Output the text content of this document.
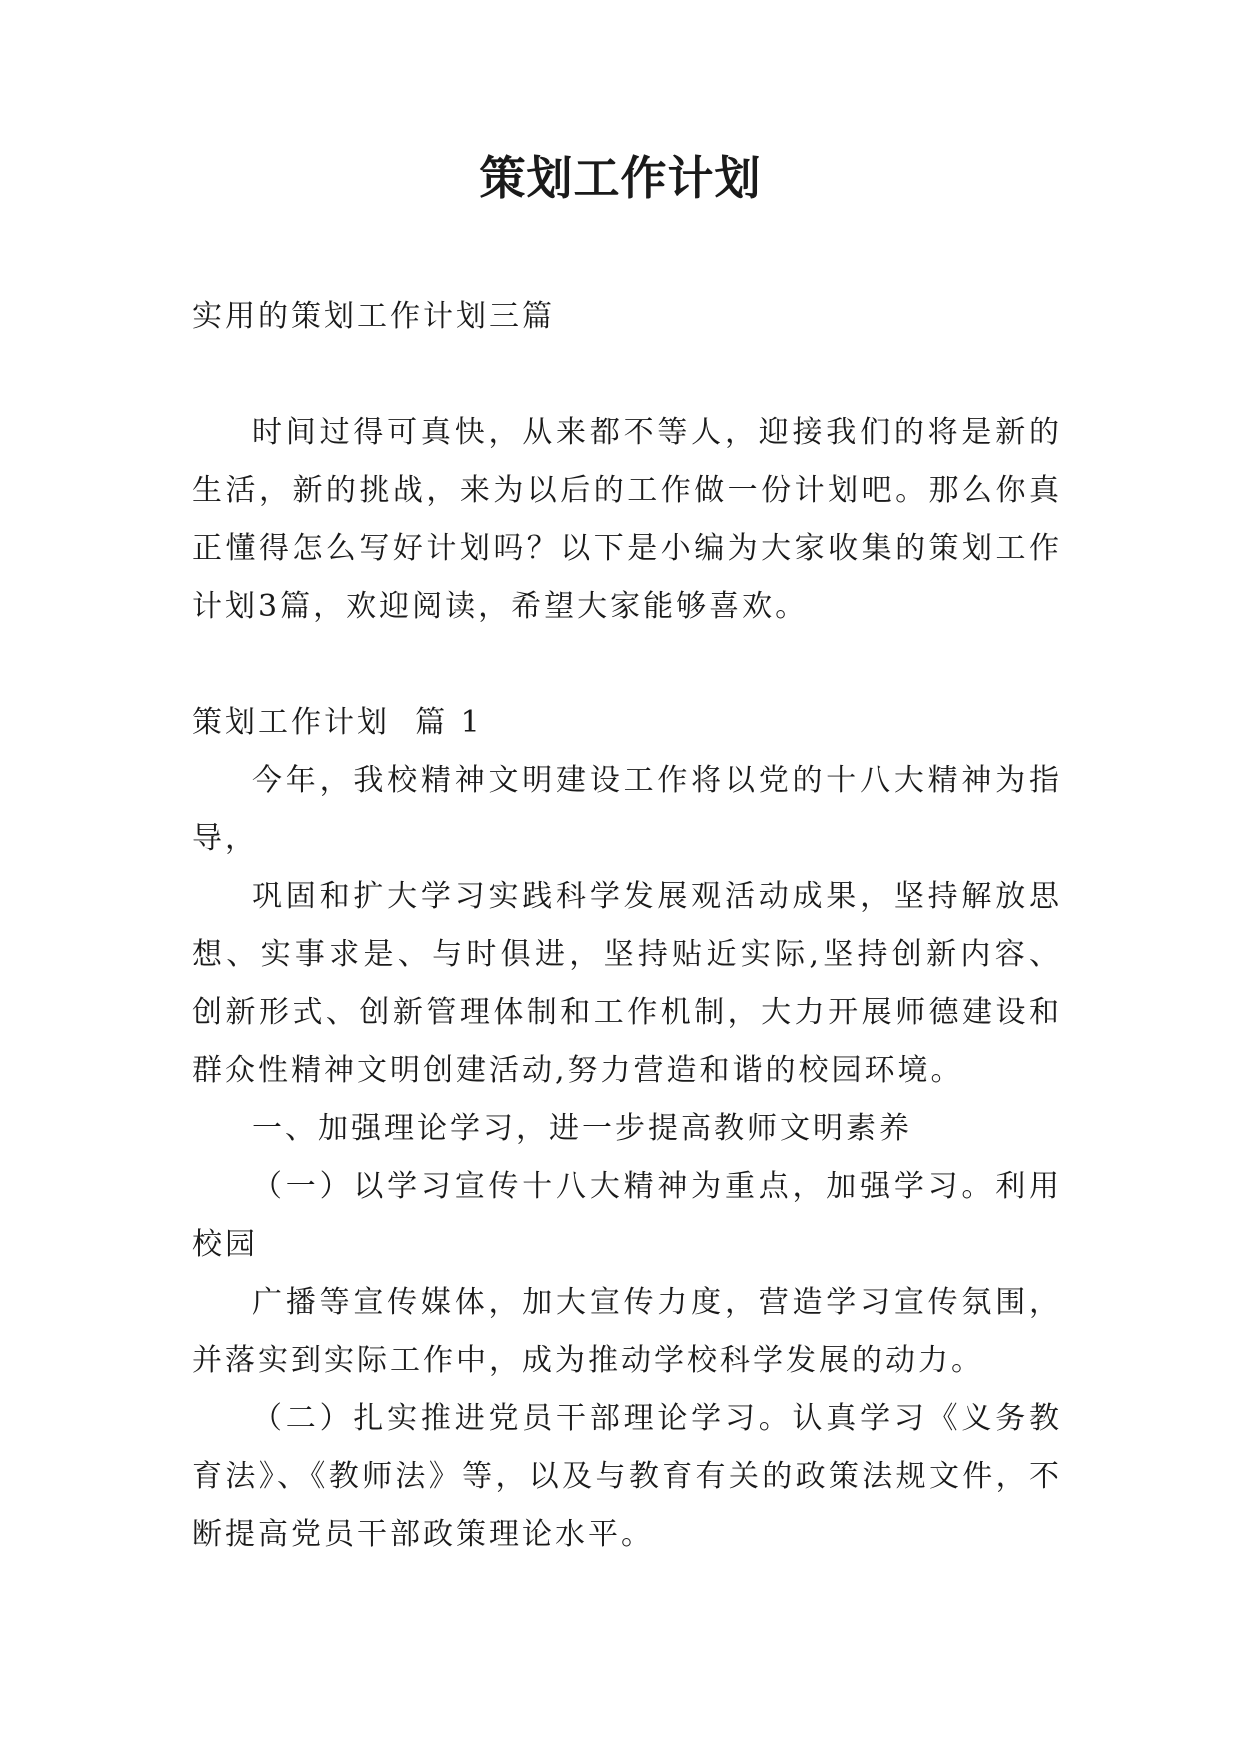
策划工作计划

实用的策划工作计划三篇

时间过得可真快，从来都不等人，迎接我们的将是新的生活，新的挑战，来为以后的工作做一份计划吧。那么你真正懂得怎么写好计划吗？以下是小编为大家收集的策划工作计划3篇，欢迎阅读，希望大家能够喜欢。

策划工作计划  篇 1

今年，我校精神文明建设工作将以党的十八大精神为指导，

巩固和扩大学习实践科学发展观活动成果，坚持解放思想、实事求是、与时俱进，坚持贴近实际,坚持创新内容、创新形式、创新管理体制和工作机制，大力开展师德建设和群众性精神文明创建活动,努力营造和谐的校园环境。

一、加强理论学习，进一步提高教师文明素养

（一）以学习宣传十八大精神为重点，加强学习。利用校园

广播等宣传媒体，加大宣传力度，营造学习宣传氛围，并落实到实际工作中，成为推动学校科学发展的动力。

（二）扎实推进党员干部理论学习。认真学习《义务教育法》、《教师法》等，以及与教育有关的政策法规文件，不断提高党员干部政策理论水平。
